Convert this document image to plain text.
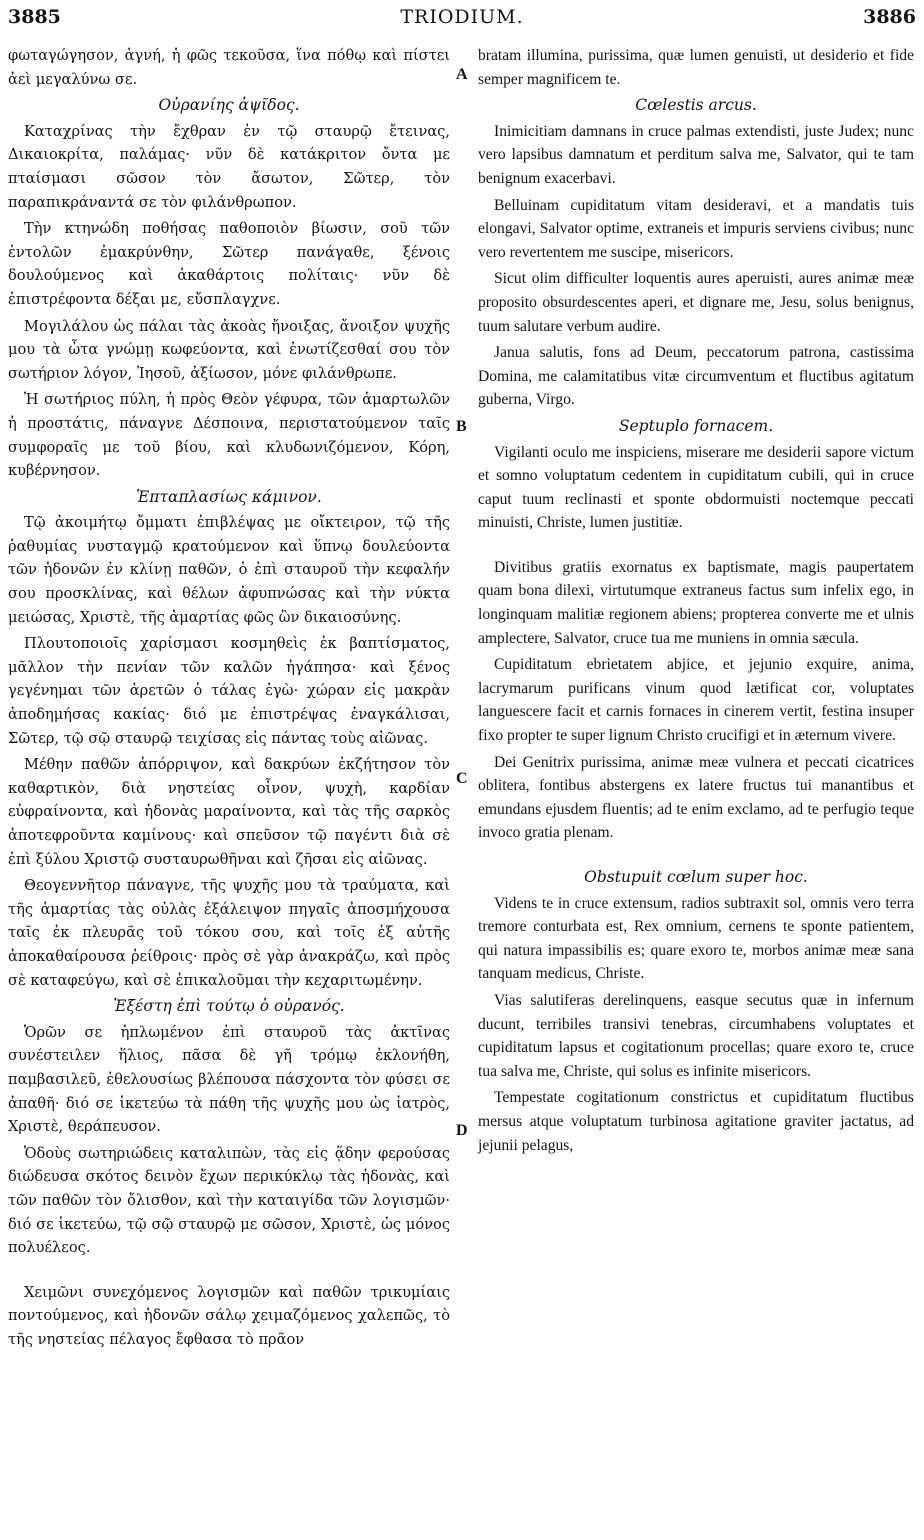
3885	TRIODIUM.	3886
A
B
C
D

φωταγώγησον, ἁγνή, ἡ φῶς τεκοῦσα, ἵνα πόθῳ καὶ πίστει ἀεὶ μεγαλύνω σε.

Οὐρανίης ἀψῖδος.

Καταχρίνας τὴν ἔχθραν ἐν τῷ σταυρῷ ἔτεινας, Δικαιοκρίτα, παλάμας· νῦν δὲ κατάκριτον ὄντα με πταίσμασι σῶσον τὸν ἄσωτον, Σῶτερ, τὸν παραπικράναντά σε τὸν φιλάνθρωπον.

Τὴν κτηνώδη ποθήσας παθοποιὸν βίωσιν, σοῦ τῶν ἐντολῶν ἐμακρύνθην, Σῶτερ πανάγαθε, ξένοις δουλούμενος καὶ ἀκαθάρτοις πολίταις· νῦν δὲ ἐπιστρέφοντα δέξαι με, εὔσπλαγχνε.

Μογιλάλου ὡς πάλαι τὰς ἀκοὰς ἤνοιξας, ἄνοιξον ψυχῆς μου τὰ ὦτα γνώμῃ κωφεύοντα, καὶ ἐνωτίζεσθαί σου τὸν σωτήριον λόγον, Ἰησοῦ, ἀξίωσον, μόνε φιλάνθρωπε.

Ἡ σωτήριος πύλη, ἡ πρὸς Θεὸν γέφυρα, τῶν ἁμαρτωλῶν ἡ προστάτις, πάναγνε Δέσποινα, περιστατούμενον ταῖς συμφοραῖς με τοῦ βίου, καὶ κλυδωνιζόμενον, Κόρη, κυβέρνησον.

Ἑπταπλασίως κάμινον.

Τῷ ἀκοιμήτῳ ὄμματι ἐπιβλέψας με οἴκτειρον, τῷ τῆς ῥαθυμίας νυσταγμῷ κρατούμενον καὶ ὕπνῳ δουλεύοντα τῶν ἡδονῶν ἐν κλίνῃ παθῶν, ὁ ἐπὶ σταυροῦ τὴν κεφαλήν σου προσκλίνας, καὶ θέλων ἀφυπνώσας καὶ τὴν νύκτα μειώσας, Χριστὲ, τῆς ἁμαρτίας φῶς ὢν δικαιοσύνης.

Πλουτοποιοῖς χαρίσμασι κοσμηθεὶς ἐκ βαπτίσματος, μᾶλλον τὴν πενίαν τῶν καλῶν ἠγάπησα· καὶ ξένος γεγένημαι τῶν ἀρετῶν ὁ τάλας ἐγὼ· χώραν εἰς μακρὰν ἀποδημήσας κακίας· διό με ἐπιστρέψας ἐναγκάλισαι, Σῶτερ, τῷ σῷ σταυρῷ τειχίσας εἰς πάντας τοὺς αἰῶνας.

Μέθην παθῶν ἀπόρριψον, καὶ δακρύων ἐκζήτησον τὸν καθαρτικὸν, διὰ νηστείας οἶνον, ψυχὴ, καρδίαν εὐφραίνοντα, καὶ ἡδονὰς μαραίνοντα, καὶ τὰς τῆς σαρκὸς ἀποτεφροῦντα καμίνους· καὶ σπεῦσον τῷ παγέντι διὰ σὲ ἐπὶ ξύλου Χριστῷ συσταυρωθῆναι καὶ ζῆσαι εἰς αἰῶνας.

Θεογεννῆτορ πάναγνε, τῆς ψυχῆς μου τὰ τραύματα, καὶ τῆς ἁμαρτίας τὰς οὐλὰς ἐξάλειψον πηγαῖς ἀποσμήχουσα ταῖς ἐκ πλευρᾶς τοῦ τόκου σου, καὶ τοῖς ἐξ αὐτῆς ἀποκαθαίρουσα ῥείθροις· πρὸς σὲ γὰρ ἀνακράζω, καὶ πρὸς σὲ καταφεύγω, καὶ σὲ ἐπικαλοῦμαι τὴν κεχαριτωμένην.

Ἐξέστη ἐπὶ τούτῳ ὁ οὐρανός.

Ὁρῶν σε ἡπλωμένον ἐπὶ σταυροῦ τὰς ἀκτῖνας συνέστειλεν ἥλιος, πᾶσα δὲ γῆ τρόμῳ ἐκλονήθη, παμβασιλεῦ, ἐθελουσίως βλέπουσα πάσχοντα τὸν φύσει σε ἀπαθῆ· διό σε ἱκετεύω τὰ πάθη τῆς ψυχῆς μου ὡς ἰατρὸς, Χριστὲ, θεράπευσον.

Ὁδοὺς σωτηριώδεις καταλιπὼν, τὰς εἰς ᾅδην φερούσας διώδευσα σκότος δεινὸν ἔχων περικύκλῳ τὰς ἡδονὰς, καὶ τῶν παθῶν τὸν ὄλισθον, καὶ τὴν καταιγίδα τῶν λογισμῶν· διό σε ἱκετεύω, τῷ σῷ σταυρῷ με σῶσον, Χριστὲ, ὡς μόνος πολυέλεος.

Χειμῶνι συνεχόμενος λογισμῶν καὶ παθῶν τρικυμίαις ποντούμενος, καὶ ἡδονῶν σάλῳ χειμαζόμενος χαλεπῶς, τὸ τῆς νηστείας πέλαγος ἔφθασα τὸ πρᾶον

bratam illumina, purissima, quæ lumen genuisti, ut desiderio et fide semper magnificem te.

Cœlestis arcus.

Inimicitiam damnans in cruce palmas extendisti, juste Judex; nunc vero lapsibus damnatum et perditum salva me, Salvator, qui te tam benignum exacerbavi.

Belluinam cupiditatum vitam desideravi, et a mandatis tuis elongavi, Salvator optime, extraneis et impuris serviens civibus; nunc vero revertentem me suscipe, misericors.

Sicut olim difficulter loquentis aures aperuisti, aures animæ meæ proposito obsurdescentes aperi, et dignare me, Jesu, solus benignus, tuum salutare verbum audire.

Janua salutis, fons ad Deum, peccatorum patrona, castissima Domina, me calamitatibus vitæ circumventum et fluctibus agitatum guberna, Virgo.

Septuplo fornacem.

Vigilanti oculo me inspiciens, miserare me desiderii sapore victum et somno voluptatum cedentem in cupiditatum cubili, qui in cruce caput tuum reclinasti et sponte obdormuisti noctemque peccati minuisti, Christe, lumen justitiæ.

Divitibus gratiis exornatus ex baptismate, magis paupertatem quam bona dilexi, virtutumque extraneus factus sum infelix ego, in longinquam malitiæ regionem abiens; propterea converte me et ulnis amplectere, Salvator, cruce tua me muniens in omnia sæcula.

Cupiditatum ebrietatem abjice, et jejunio exquire, anima, lacrymarum purificans vinum quod lætificat cor, voluptates languescere facit et carnis fornaces in cinerem vertit, festina insuper fixo propter te super lignum Christo crucifigi et in æternum vivere.

Dei Genitrix purissima, animæ meæ vulnera et peccati cicatrices oblitera, fontibus abstergens ex latere fructus tui manantibus et emundans ejusdem fluentis; ad te enim exclamo, ad te perfugio teque invoco gratia plenam.

Obstupuit cœlum super hoc.

Videns te in cruce extensum, radios subtraxit sol, omnis vero terra tremore conturbata est, Rex omnium, cernens te sponte patientem, qui natura impassibilis es; quare exoro te, morbos animæ meæ sana tanquam medicus, Christe.

Vias salutiferas derelinquens, easque secutus quæ in infernum ducunt, terribiles transivi tenebras, circumhabens voluptates et cupiditatum lapsus et cogitationum procellas; quare exoro te, cruce tua salva me, Christe, qui solus es infinite misericors.

Tempestate cogitationum constrictus et cupiditatum fluctibus mersus atque voluptatum turbinosa agitatione graviter jactatus, ad jejunii pelagus,
